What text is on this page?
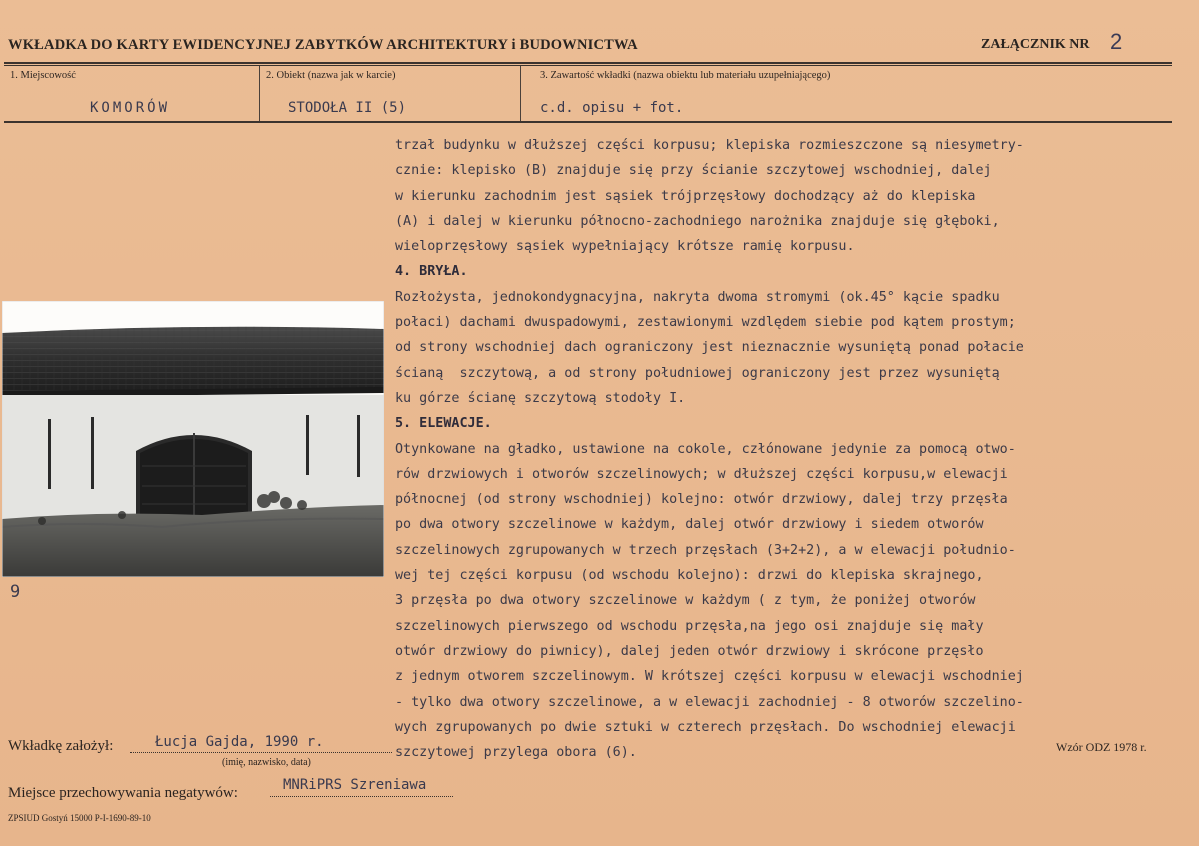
WKŁADKA DO KARTY EWIDENCYJNEJ ZABYTKÓW ARCHITEKTURY i BUDOWNICTWA	ZAŁĄCZNIK NR 2
1. Miejscowość
KOMORÓW
2. Obiekt (nazwa jak w karcie)
STODOŁA II (5)
3. Zawartość wkładki (nazwa obiektu lub materiału uzupełniającego)
c.d. opisu + fot.
trzał budynku w dłuższej części korpusu; klepiska rozmieszczone są niesymetry-
cznie: klepisko (B) znajduje się przy ścianie szczytowej wschodniej, dalej
w kierunku zachodnim jest sąsiek trójprzęsłowy dochodzący aż do klepiska
(A) i dalej w kierunku północno-zachodniego narożnika znajduje się głęboki,
wieloprzęsłowy sąsiek wypełniający krótsze ramię korpusu.
4. BRYŁA.
Rozłożysta, jednokondygnacyjna, nakryta dwoma stromymi (ok.45° kącie spadku
połaci) dachami dwuspadowymi, zestawionymi wzdlędem siebie pod kątem prostym;
od strony wschodniej dach ograniczony jest nieznacznie wysuniętą ponad połacie
ścianą  szczytową, a od strony południowej ograniczony jest przez wysuniętą
ku górze ścianę szczytową stodoły I.
5. ELEWACJE.
Otynkowane na gładko, ustawione na cokole, człónowane jedynie za pomocą otwo-
rów drzwiowych i otworów szczelinowych; w dłuższej części korpusu,w elewacji
północnej (od strony wschodniej) kolejno: otwór drzwiowy, dalej trzy przęsła
po dwa otwory szczelinowe w każdym, dalej otwór drzwiowy i siedem otworów
szczelinowych zgrupowanych w trzech przęsłach (3+2+2), a w elewacji południo-
wej tej części korpusu (od wschodu kolejno): drzwi do klepiska skrajnego,
3 przęsła po dwa otwory szczelinowe w każdym ( z tym, że poniżej otworów
szczelinowych pierwszego od wschodu przęsła,na jego osi znajduje się mały
otwór drzwiowy do piwnicy), dalej jeden otwór drzwiowy i skrócone przęsło
z jednym otworem szczelinowym. W krótszej części korpusu w elewacji wschodniej
- tylko dwa otwory szczelinowe, a w elewacji zachodniej - 8 otworów szczelino-
wych zgrupowanych po dwie sztuki w czterech przęsłach. Do wschodniej elewacji
szczytowej przylega obora (6).
9
Wkładkę założył:	Łucja Gajda, 1990 r.
(imię, nazwisko, data)
Wzór ODZ 1978 r.
Miejsce przechowywania negatywów:	MNRiPRS Szreniawa
ZPSIUD Gostyń 15000 P-I-1690-89-10
